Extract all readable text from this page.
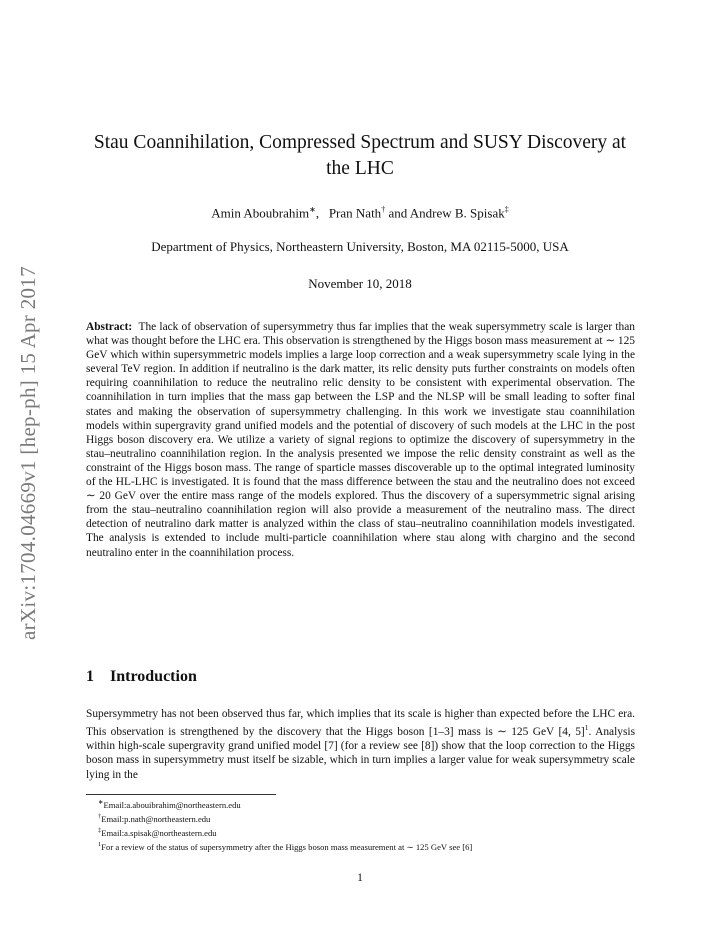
arXiv:1704.04669v1 [hep-ph] 15 Apr 2017
Stau Coannihilation, Compressed Spectrum and SUSY Discovery at the LHC
Amin Aboubrahim∗,   Pran Nath† and Andrew B. Spisak‡
Department of Physics, Northeastern University, Boston, MA 02115-5000, USA
November 10, 2018
Abstract: The lack of observation of supersymmetry thus far implies that the weak supersymmetry scale is larger than what was thought before the LHC era. This observation is strengthened by the Higgs boson mass measurement at ∼ 125 GeV which within supersymmetric models implies a large loop correction and a weak supersymmetry scale lying in the several TeV region. In addition if neutralino is the dark matter, its relic density puts further constraints on models often requiring coannihilation to reduce the neutralino relic density to be consistent with experimental observation. The coannihilation in turn implies that the mass gap between the LSP and the NLSP will be small leading to softer final states and making the observation of supersymmetry challenging. In this work we investigate stau coannihilation models within supergravity grand unified models and the potential of discovery of such models at the LHC in the post Higgs boson discovery era. We utilize a variety of signal regions to optimize the discovery of supersymmetry in the stau–neutralino coannihilation region. In the analysis presented we impose the relic density constraint as well as the constraint of the Higgs boson mass. The range of sparticle masses discoverable up to the optimal integrated luminosity of the HL-LHC is investigated. It is found that the mass difference between the stau and the neutralino does not exceed ∼ 20 GeV over the entire mass range of the models explored. Thus the discovery of a supersymmetric signal arising from the stau–neutralino coannihilation region will also provide a measurement of the neutralino mass. The direct detection of neutralino dark matter is analyzed within the class of stau–neutralino coannihilation models investigated. The analysis is extended to include multi-particle coannihilation where stau along with chargino and the second neutralino enter in the coannihilation process.
1 Introduction
Supersymmetry has not been observed thus far, which implies that its scale is higher than expected before the LHC era. This observation is strengthened by the discovery that the Higgs boson [1–3] mass is ∼ 125 GeV [4, 5]$^1$. Analysis within high-scale supergravity grand unified model [7] (for a review see [8]) show that the loop correction to the Higgs boson mass in supersymmetry must itself be sizable, which in turn implies a larger value for weak supersymmetry scale lying in the
∗Email:a.abouibrahim@northeastern.edu
†Email:p.nath@northeastern.edu
‡Email:a.spisak@northeastern.edu
$^1$For a review of the status of supersymmetry after the Higgs boson mass measurement at ∼ 125 GeV see [6]
1
